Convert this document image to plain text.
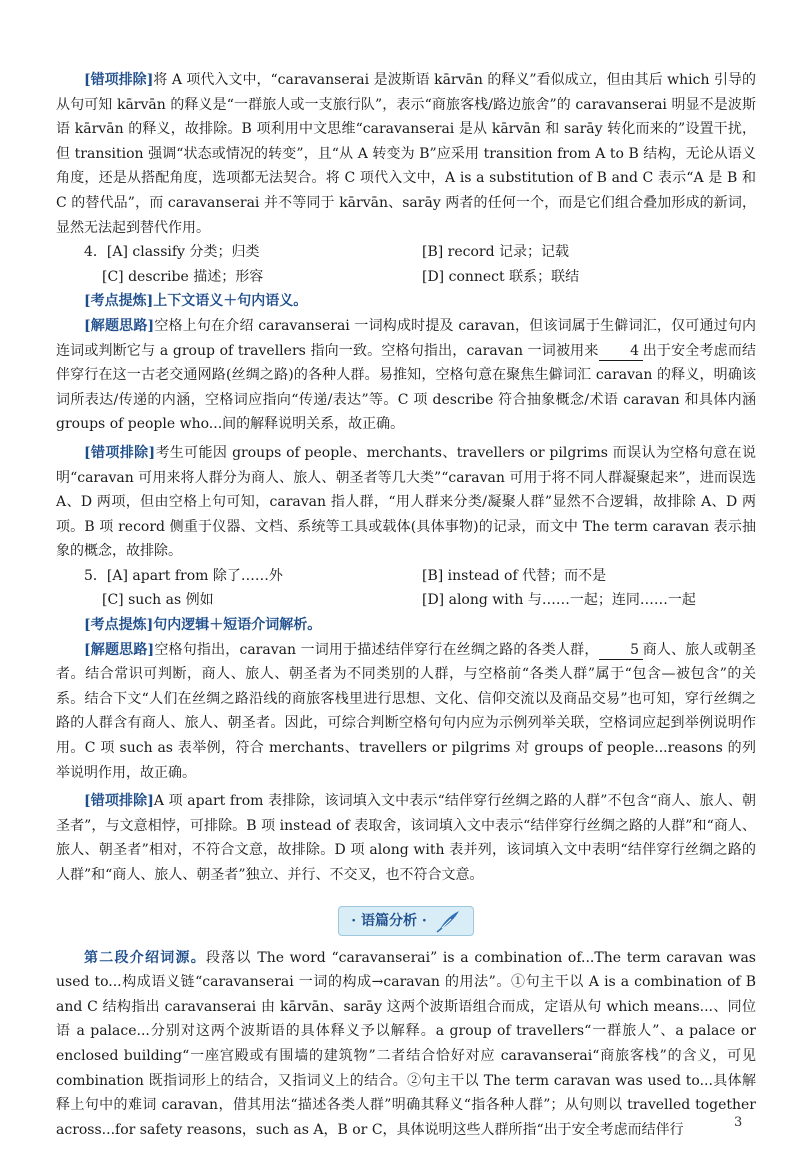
[错项排除]将 A 项代入文中，“caravanserai 是波斯语 kārvān 的释义”看似成立，但由其后 which 引导的从句可知 kārvān 的释义是“一群旅人或一支旅行队”，表示“商旅客栈/路边旅舍”的 caravanserai 明显不是波斯语 kārvān 的释义，故排除。B 项利用中文思维“caravanserai 是从 kārvān 和 sarāy 转化而来的”设置干扰，但 transition 强调“状态或情况的转变”，且“从 A 转变为 B”应采用 transition from A to B 结构，无论从语义角度，还是从搭配角度，选项都无法契合。将 C 项代入文中，A is a substitution of B and C 表示“A 是 B 和 C 的替代品”，而 caravanserai 并不等同于 kārvān、sarāy 两者的任何一个，而是它们组合叠加形成的新词，显然无法起到替代作用。

4．[A] classify 分类；归类	[B] record 记录；记载
[C] describe 描述；形容	[D] connect 联系；联结

[考点提炼]上下文语义＋句内语义。

[解题思路]空格上句在介绍 caravanserai 一词构成时提及 caravan，但该词属于生僻词汇，仅可通过句内连词或判断它与 a group of travellers 指向一致。空格句指出，caravan 一词被用来 4 出于安全考虑而结伴穿行在这一古老交通网路(丝绸之路)的各种人群。易推知，空格句意在聚焦生僻词汇 caravan 的释义，明确该词所表达/传递的内涵，空格词应指向“传递/表达”等。C 项 describe 符合抽象概念/术语 caravan 和具体内涵 groups of people who...间的解释说明关系，故正确。

[错项排除]考生可能因 groups of people、merchants、travellers or pilgrims 而误认为空格句意在说明“caravan 可用来将人群分为商人、旅人、朝圣者等几大类”“caravan 可用于将不同人群凝聚起来”，进而误选 A、D 两项，但由空格上句可知，caravan 指人群，“用人群来分类/凝聚人群”显然不合逻辑，故排除 A、D 两项。B 项 record 侧重于仪器、文档、系统等工具或载体(具体事物)的记录，而文中 The term caravan 表示抽象的概念，故排除。

5．[A] apart from 除了……外	[B] instead of 代替；而不是
[C] such as 例如	[D] along with 与……一起；连同……一起

[考点提炼]句内逻辑＋短语介词解析。

[解题思路]空格句指出，caravan 一词用于描述结伴穿行在丝绸之路的各类人群， 5 商人、旅人或朝圣者。结合常识可判断，商人、旅人、朝圣者为不同类别的人群，与空格前“各类人群”属于“包含—被包含”的关系。结合下文“人们在丝绸之路沿线的商旅客栈里进行思想、文化、信仰交流以及商品交易”也可知，穿行丝绸之路的人群含有商人、旅人、朝圣者。因此，可综合判断空格句句内应为示例列举关联，空格词应起到举例说明作用。C 项 such as 表举例，符合 merchants、travellers or pilgrims 对 groups of people...reasons 的列举说明作用，故正确。

[错项排除]A 项 apart from 表排除，该词填入文中表示“结伴穿行丝绸之路的人群”不包含“商人、旅人、朝圣者”，与文意相悖，可排除。B 项 instead of 表取舍，该词填入文中表示“结伴穿行丝绸之路的人群”和“商人、旅人、朝圣者”相对，不符合文意，故排除。D 项 along with 表并列，该词填入文中表明“结伴穿行丝绸之路的人群”和“商人、旅人、朝圣者”独立、并行、不交叉，也不符合文意。

· 语篇分析 ·

第二段介绍词源。段落以 The word “caravanserai” is a combination of...The term caravan was used to...构成语义链“caravanserai 一词的构成→caravan 的用法”。①句主干以 A is a combination of B and C 结构指出 caravanserai 由 kārvān、sarāy 这两个波斯语组合而成，定语从句 which means...、同位语 a palace...分别对这两个波斯语的具体释义予以解释。a group of travellers“一群旅人”、a palace or enclosed building“一座宫殿或有围墙的建筑物”二者结合恰好对应 caravanserai“商旅客栈”的含义，可见 combination 既指词形上的结合，又指词义上的结合。②句主干以 The term caravan was used to...具体解释上句中的难词 caravan，借其用法“描述各类人群”明确其释义“指各种人群”；从句则以 travelled together across...for safety reasons，such as A，B or C，具体说明这些人群所指“出于安全考虑而结伴行	3
